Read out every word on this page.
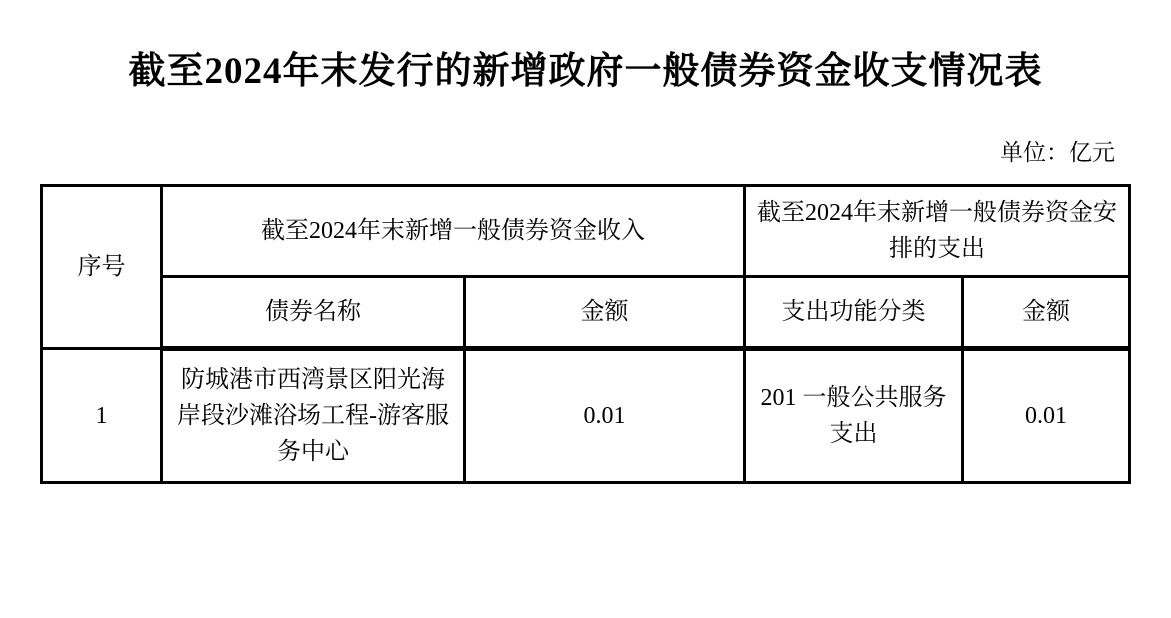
截至2024年末发行的新增政府一般债券资金收支情况表
单位：亿元
序号	截至2024年末新增一般债券资金收入		截至2024年末新增一般债券资金安排的支出	
	债券名称	金额	支出功能分类	金额
1	防城港市西湾景区阳光海岸段沙滩浴场工程-游客服务中心	0.01	201 一般公共服务支出	0.01
